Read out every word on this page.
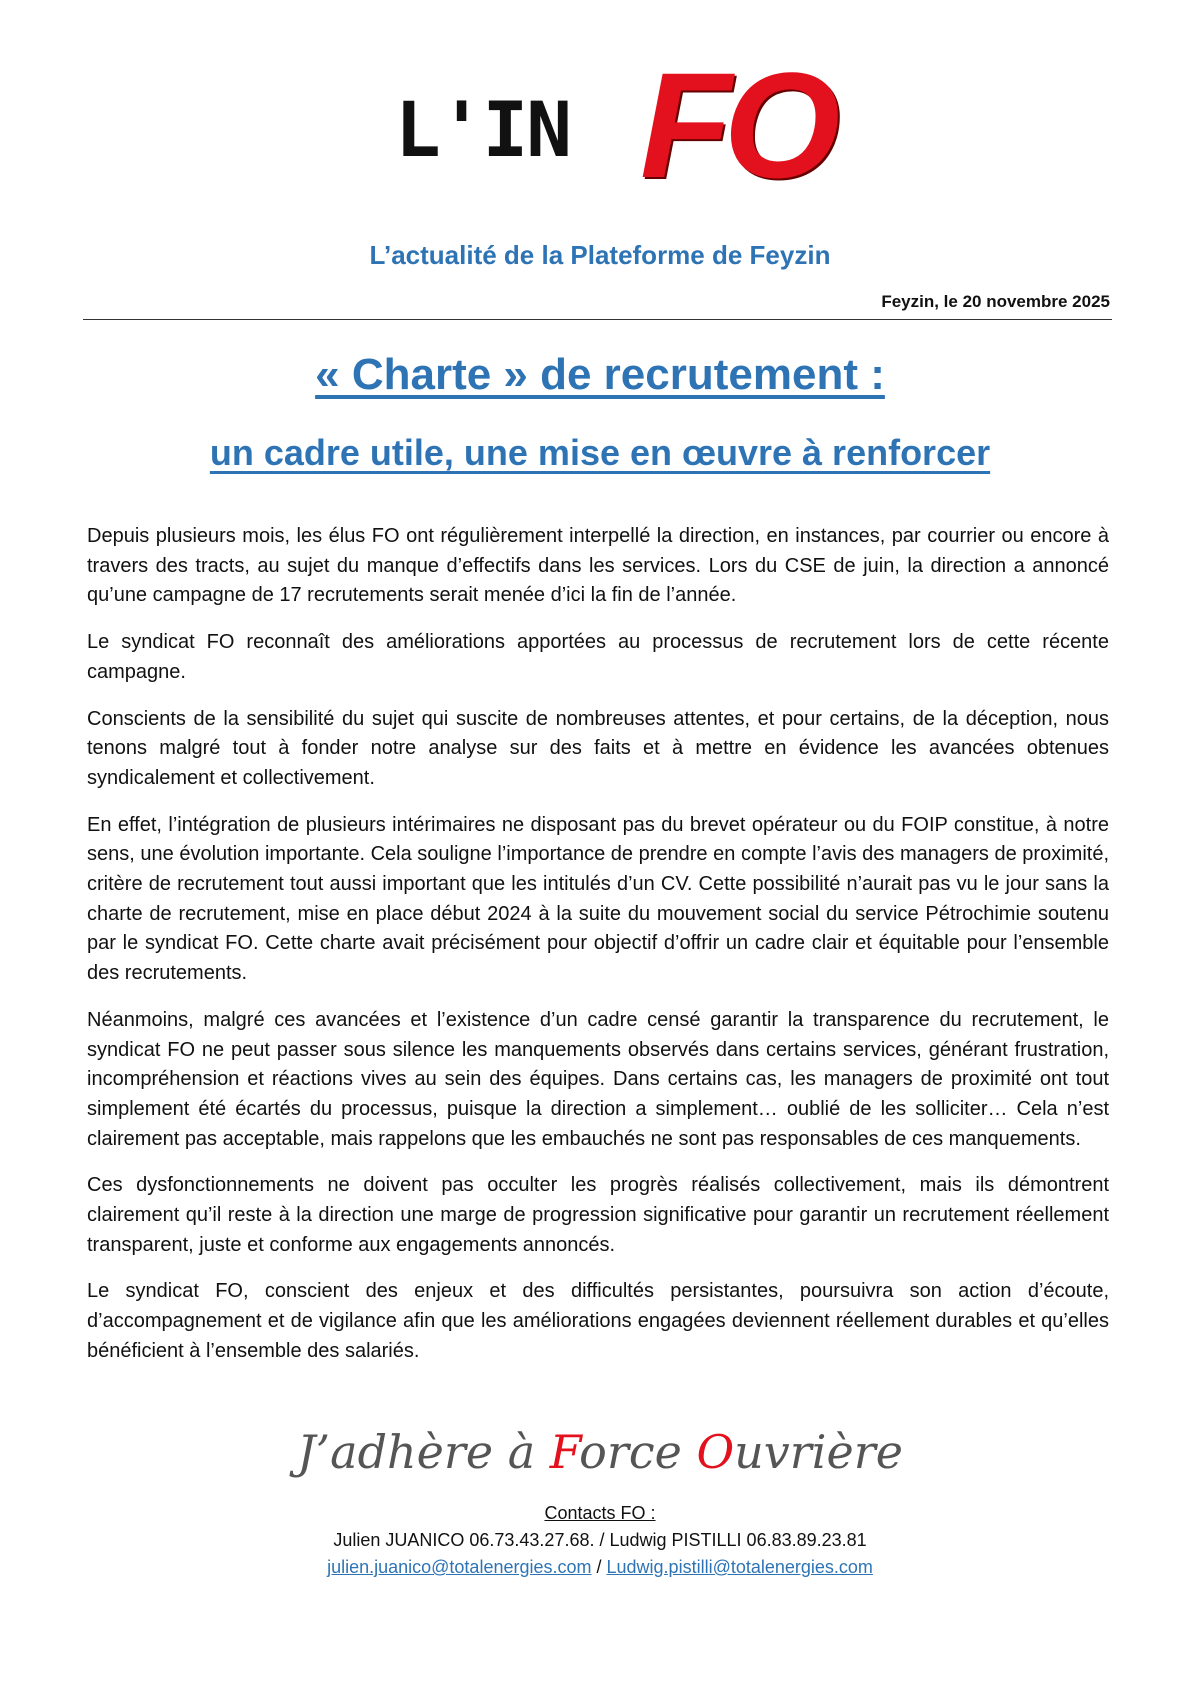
L'IN FO
L’actualité de la Plateforme de Feyzin
Feyzin, le 20 novembre 2025
« Charte » de recrutement :
un cadre utile, une mise en œuvre à renforcer

Depuis plusieurs mois, les élus FO ont régulièrement interpellé la direction, en instances, par courrier ou encore à travers des tracts, au sujet du manque d’effectifs dans les services. Lors du CSE de juin, la direction a annoncé qu’une campagne de 17 recrutements serait menée d’ici la fin de l’année.

Le syndicat FO reconnaît des améliorations apportées au processus de recrutement lors de cette récente campagne.

Conscients de la sensibilité du sujet qui suscite de nombreuses attentes, et pour certains, de la déception, nous tenons malgré tout à fonder notre analyse sur des faits et à mettre en évidence les avancées obtenues syndicalement et collectivement.

En effet, l’intégration de plusieurs intérimaires ne disposant pas du brevet opérateur ou du FOIP constitue, à notre sens, une évolution importante. Cela souligne l’importance de prendre en compte l’avis des managers de proximité, critère de recrutement tout aussi important que les intitulés d’un CV. Cette possibilité n’aurait pas vu le jour sans la charte de recrutement, mise en place début 2024 à la suite du mouvement social du service Pétrochimie soutenu par le syndicat FO. Cette charte avait précisément pour objectif d’offrir un cadre clair et équitable pour l’ensemble des recrutements.

Néanmoins, malgré ces avancées et l’existence d’un cadre censé garantir la transparence du recrutement, le syndicat FO ne peut passer sous silence les manquements observés dans certains services, générant frustration, incompréhension et réactions vives au sein des équipes. Dans certains cas, les managers de proximité ont tout simplement été écartés du processus, puisque la direction a simplement… oublié de les solliciter… Cela n’est clairement pas acceptable, mais rappelons que les embauchés ne sont pas responsables de ces manquements.

Ces dysfonctionnements ne doivent pas occulter les progrès réalisés collectivement, mais ils démontrent clairement qu’il reste à la direction une marge de progression significative pour garantir un recrutement réellement transparent, juste et conforme aux engagements annoncés.

Le syndicat FO, conscient des enjeux et des difficultés persistantes, poursuivra son action d’écoute, d’accompagnement et de vigilance afin que les améliorations engagées deviennent réellement durables et qu’elles bénéficient à l’ensemble des salariés.

J’adhère à Force Ouvrière
Contacts FO :
Julien JUANICO 06.73.43.27.68. / Ludwig PISTILLI 06.83.89.23.81
julien.juanico@totalenergies.com / Ludwig.pistilli@totalenergies.com
